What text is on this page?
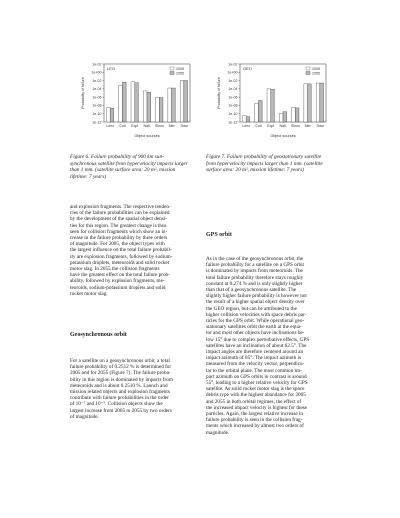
1e-02
1e+00
1e-02
1e-04
1e-06
1e-08
1e-10
1e-12
Probability of failure
Object sources
LEO	2005
2055
Lmrc Coll Expl NaK Slmm Met Total
1e-02
1e+00
1e-02
1e-04
1e-06
1e-08
1e-10
1e-12
Probability of failure
Object sources
GEO	2005
2055
Lmrc Coll Expl NaK Slmm Met Total
Figure 6. Failure probability of 900 km sun-synchronous satellite from hypervelocity impacts larger than 1 mm. (satellite surface area: 20 m², mission lifetime: 7 years)
Figure 7. Failure probability of geostationary satellite from hypervelocity impacts larger than 1 mm. (satellite surface area: 20 m², mission lifetime: 7 years)

and explosion fragments. The respective tenden-

cies of the failure probabilities can be explained

by the development of the spatial object densi-

ties for this region. The greatest change is thus

seen for collision fragments which show an in-

crease in the failure probability by three orders

of magnitude. For 2005, the object types with

the largest influence on the total failure probabil-

ity are explosion fragments, followed by sodium-

potassium droplets, meteoroids and solid rocket

motor slag. In 2055 the collision fragments

have the greatest effect on the total failure prob-

ability, followed by explosion fragments, me-

teoroids, sodium-potassium droplets and solid

rocket motor slag.

Geosynchronous orbit

For a satellite on a geosynchronous orbit, a total

failure probability of 0.2512 % is determined for

2005 and for 2055 (Figure 7). The failure proba-

bility in this region is dominated by impacts from

meteoroids and is about 0.2510 %. Launch and

mission related objects and explosion fragments

contribute with failure probabilities in the order

of 10⁻⁷ and 10⁻⁵. Collision objects show the

largest increase from 2005 to 2055 by two orders

of magnitude.

GPS orbit

As in the case of the geosynchronous orbit, the

failure probability for a satellite on a GPS orbit

is dominated by impacts from meteoroids. The

total failure probability therefore stays roughly

constant at 0.274 % and is only slightly higher

than that of a geosynchronous satellite. The

slightly higher failure probability is however not

the result of a higher spatial object density over

the GEO region, but can be attributed to the

higher collision velocities with space debris par-

ticles for the GPS orbit. While operational geo-

stationary satellites orbit the earth at the equa-

tor and most other objects have inclinations be-

low 15° due to complex perturbative effects, GPS

satellites have an inclination of about 62.5°. The

impact angles are therefore centered around an

impact azimuth of 85°. The impact azimuth is

measured from the velocity vector, perpendicu-

lar to the orbital plane. The most common im-

pact azimuth on GPS orbits in contrast is around

55°, leading to a higher relative velocity for GPS

satellite. As solid rocket motor slag is the space

debris type with the highest abundance for 2005

and 2055 in both orbital regimes, the effect of

the increased impact velocity is highest for these

particles. Again, the largest relative increase in

failure probability is seen in the collision frag-

ments which increased by almost two orders of

magnitude.
